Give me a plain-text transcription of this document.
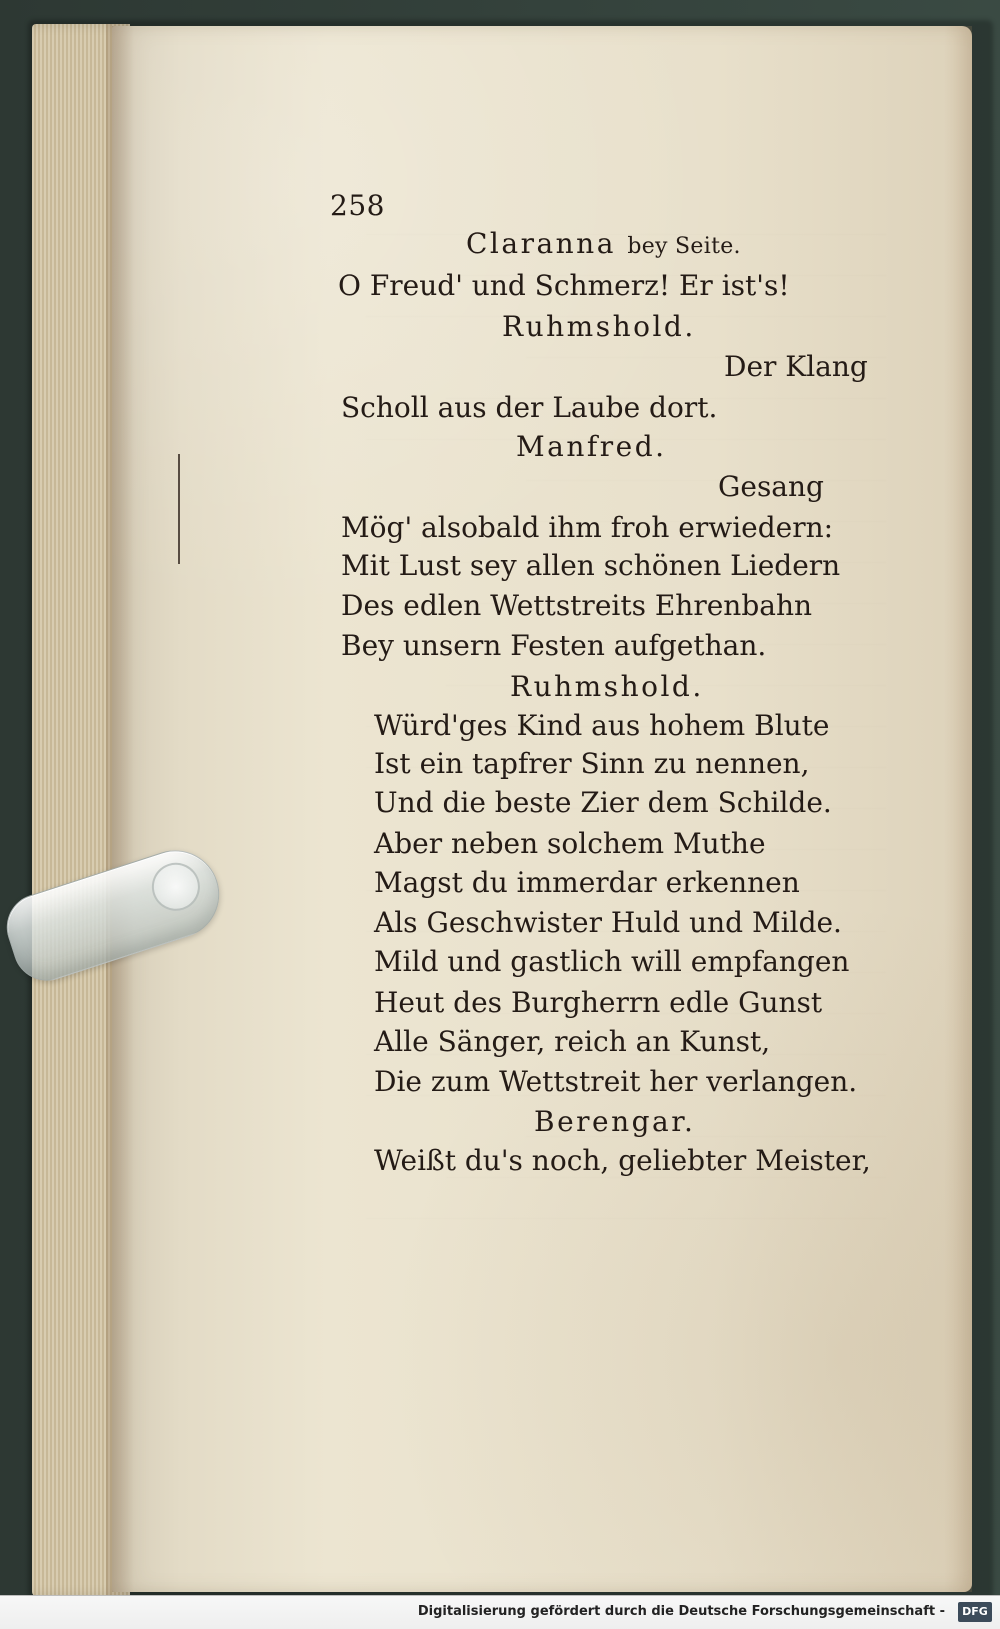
258
Claranna bey Seite.
O Freud' und Schmerz! Er ist's!
Ruhmshold.
Der Klang
Scholl aus der Laube dort.
Manfred.
Gesang
Mög' alsobald ihm froh erwiedern:
Mit Lust sey allen schönen Liedern
Des edlen Wettstreits Ehrenbahn
Bey unsern Festen aufgethan.
Ruhmshold.
Würd'ges Kind aus hohem Blute
Ist ein tapfrer Sinn zu nennen,
Und die beste Zier dem Schilde.
Aber neben solchem Muthe
Magst du immerdar erkennen
Als Geschwister Huld und Milde.
Mild und gastlich will empfangen
Heut des Burgherrn edle Gunst
Alle Sänger, reich an Kunst,
Die zum Wettstreit her verlangen.
Berengar.
Weißt du's noch, geliebter Meister,
Digitalisierung gefördert durch die Deutsche Forschungsgemeinschaft -	DFG
